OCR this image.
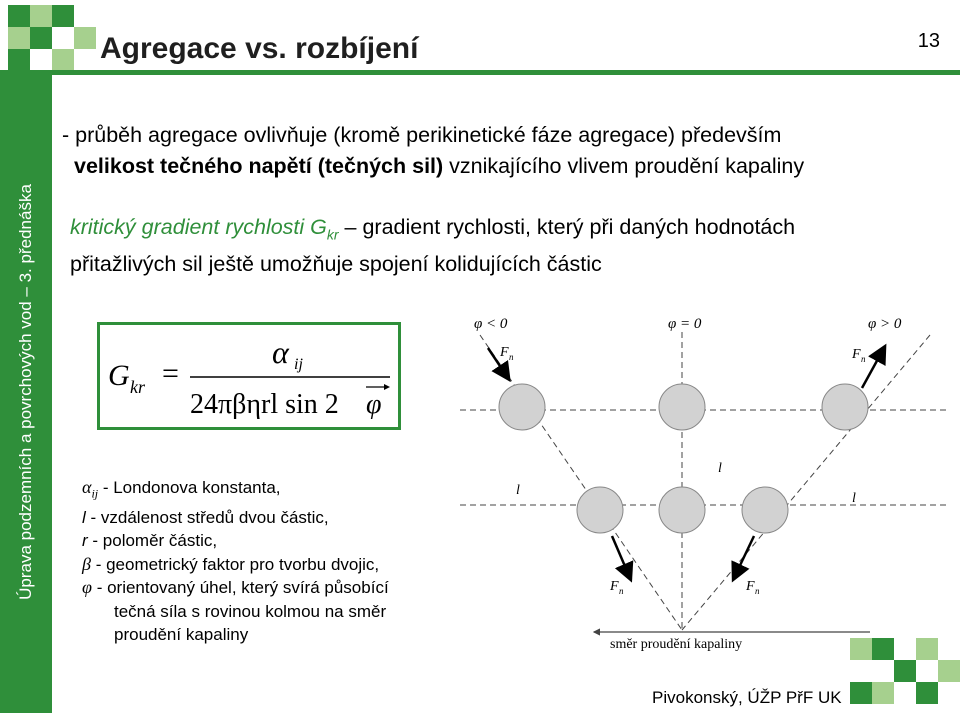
Úprava podzemních a povrchových vod – 3. přednáška
Agregace vs. rozbíjení	13
- průběh agregace ovlivňuje (kromě perikinetické fáze agregace) především
velikost tečného napětí (tečných sil) vznikajícího vlivem proudění kapaliny
kritický gradient rychlosti $G_{kr}$ – gradient rychlosti, který při daných hodnotách
přitažlivých sil ještě umožňuje spojení kolidujících částic
G kr =
α ij
24πβηrl sin 2 φ
$\alpha_{ij}$ - Londonova konstanta,
l - vzdálenost středů dvou částic,
r - poloměr částic,
β - geometrický faktor pro tvorbu dvojic,
φ - orientovaný úhel, který svírá působící
tečná síla s rovinou kolmou na směr
proudění kapaliny
φ < 0	φ = 0	φ > 0
F n	F n
F n	F n
l
l
l
směr proudění kapaliny
Pivokonský, ÚŽP PřF UK
